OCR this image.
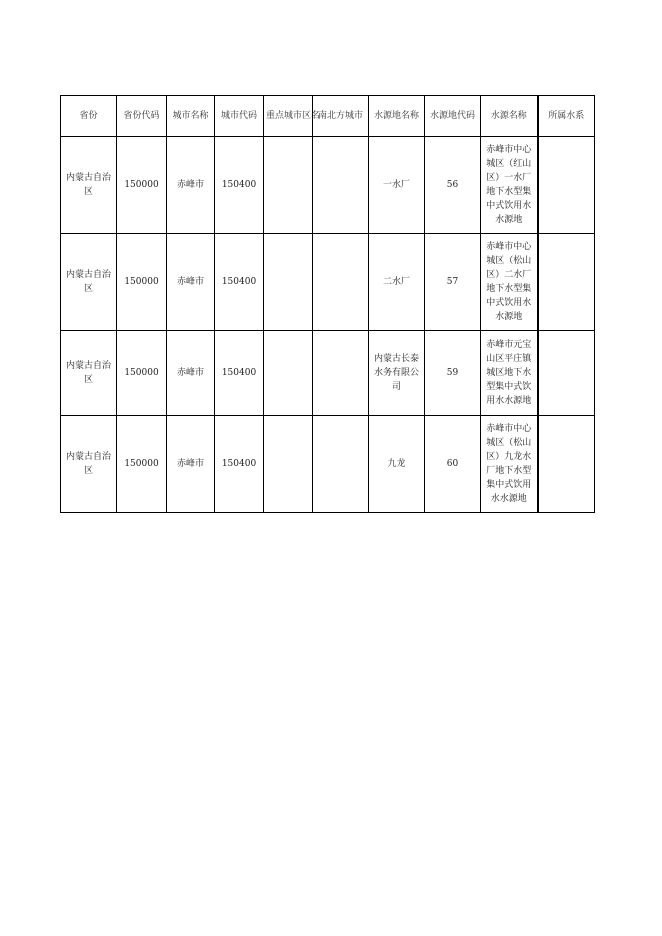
省份	省份代码	城市名称	城市代码	重点城市区名	南北方城市	水源地名称	水源地代码	水源名称	所属水系
内蒙古自治区	150000	赤峰市	150400			一水厂	56	赤峰市中心城区（红山区）一水厂地下水型集中式饮用水水源地	
内蒙古自治区	150000	赤峰市	150400			二水厂	57	赤峰市中心城区（松山区）二水厂地下水型集中式饮用水水源地	
内蒙古自治区	150000	赤峰市	150400			内蒙古长泰水务有限公司	59	赤峰市元宝山区平庄镇城区地下水型集中式饮用水水源地	
内蒙古自治区	150000	赤峰市	150400			九龙	60	赤峰市中心城区（松山区）九龙水厂地下水型集中式饮用水水源地	
